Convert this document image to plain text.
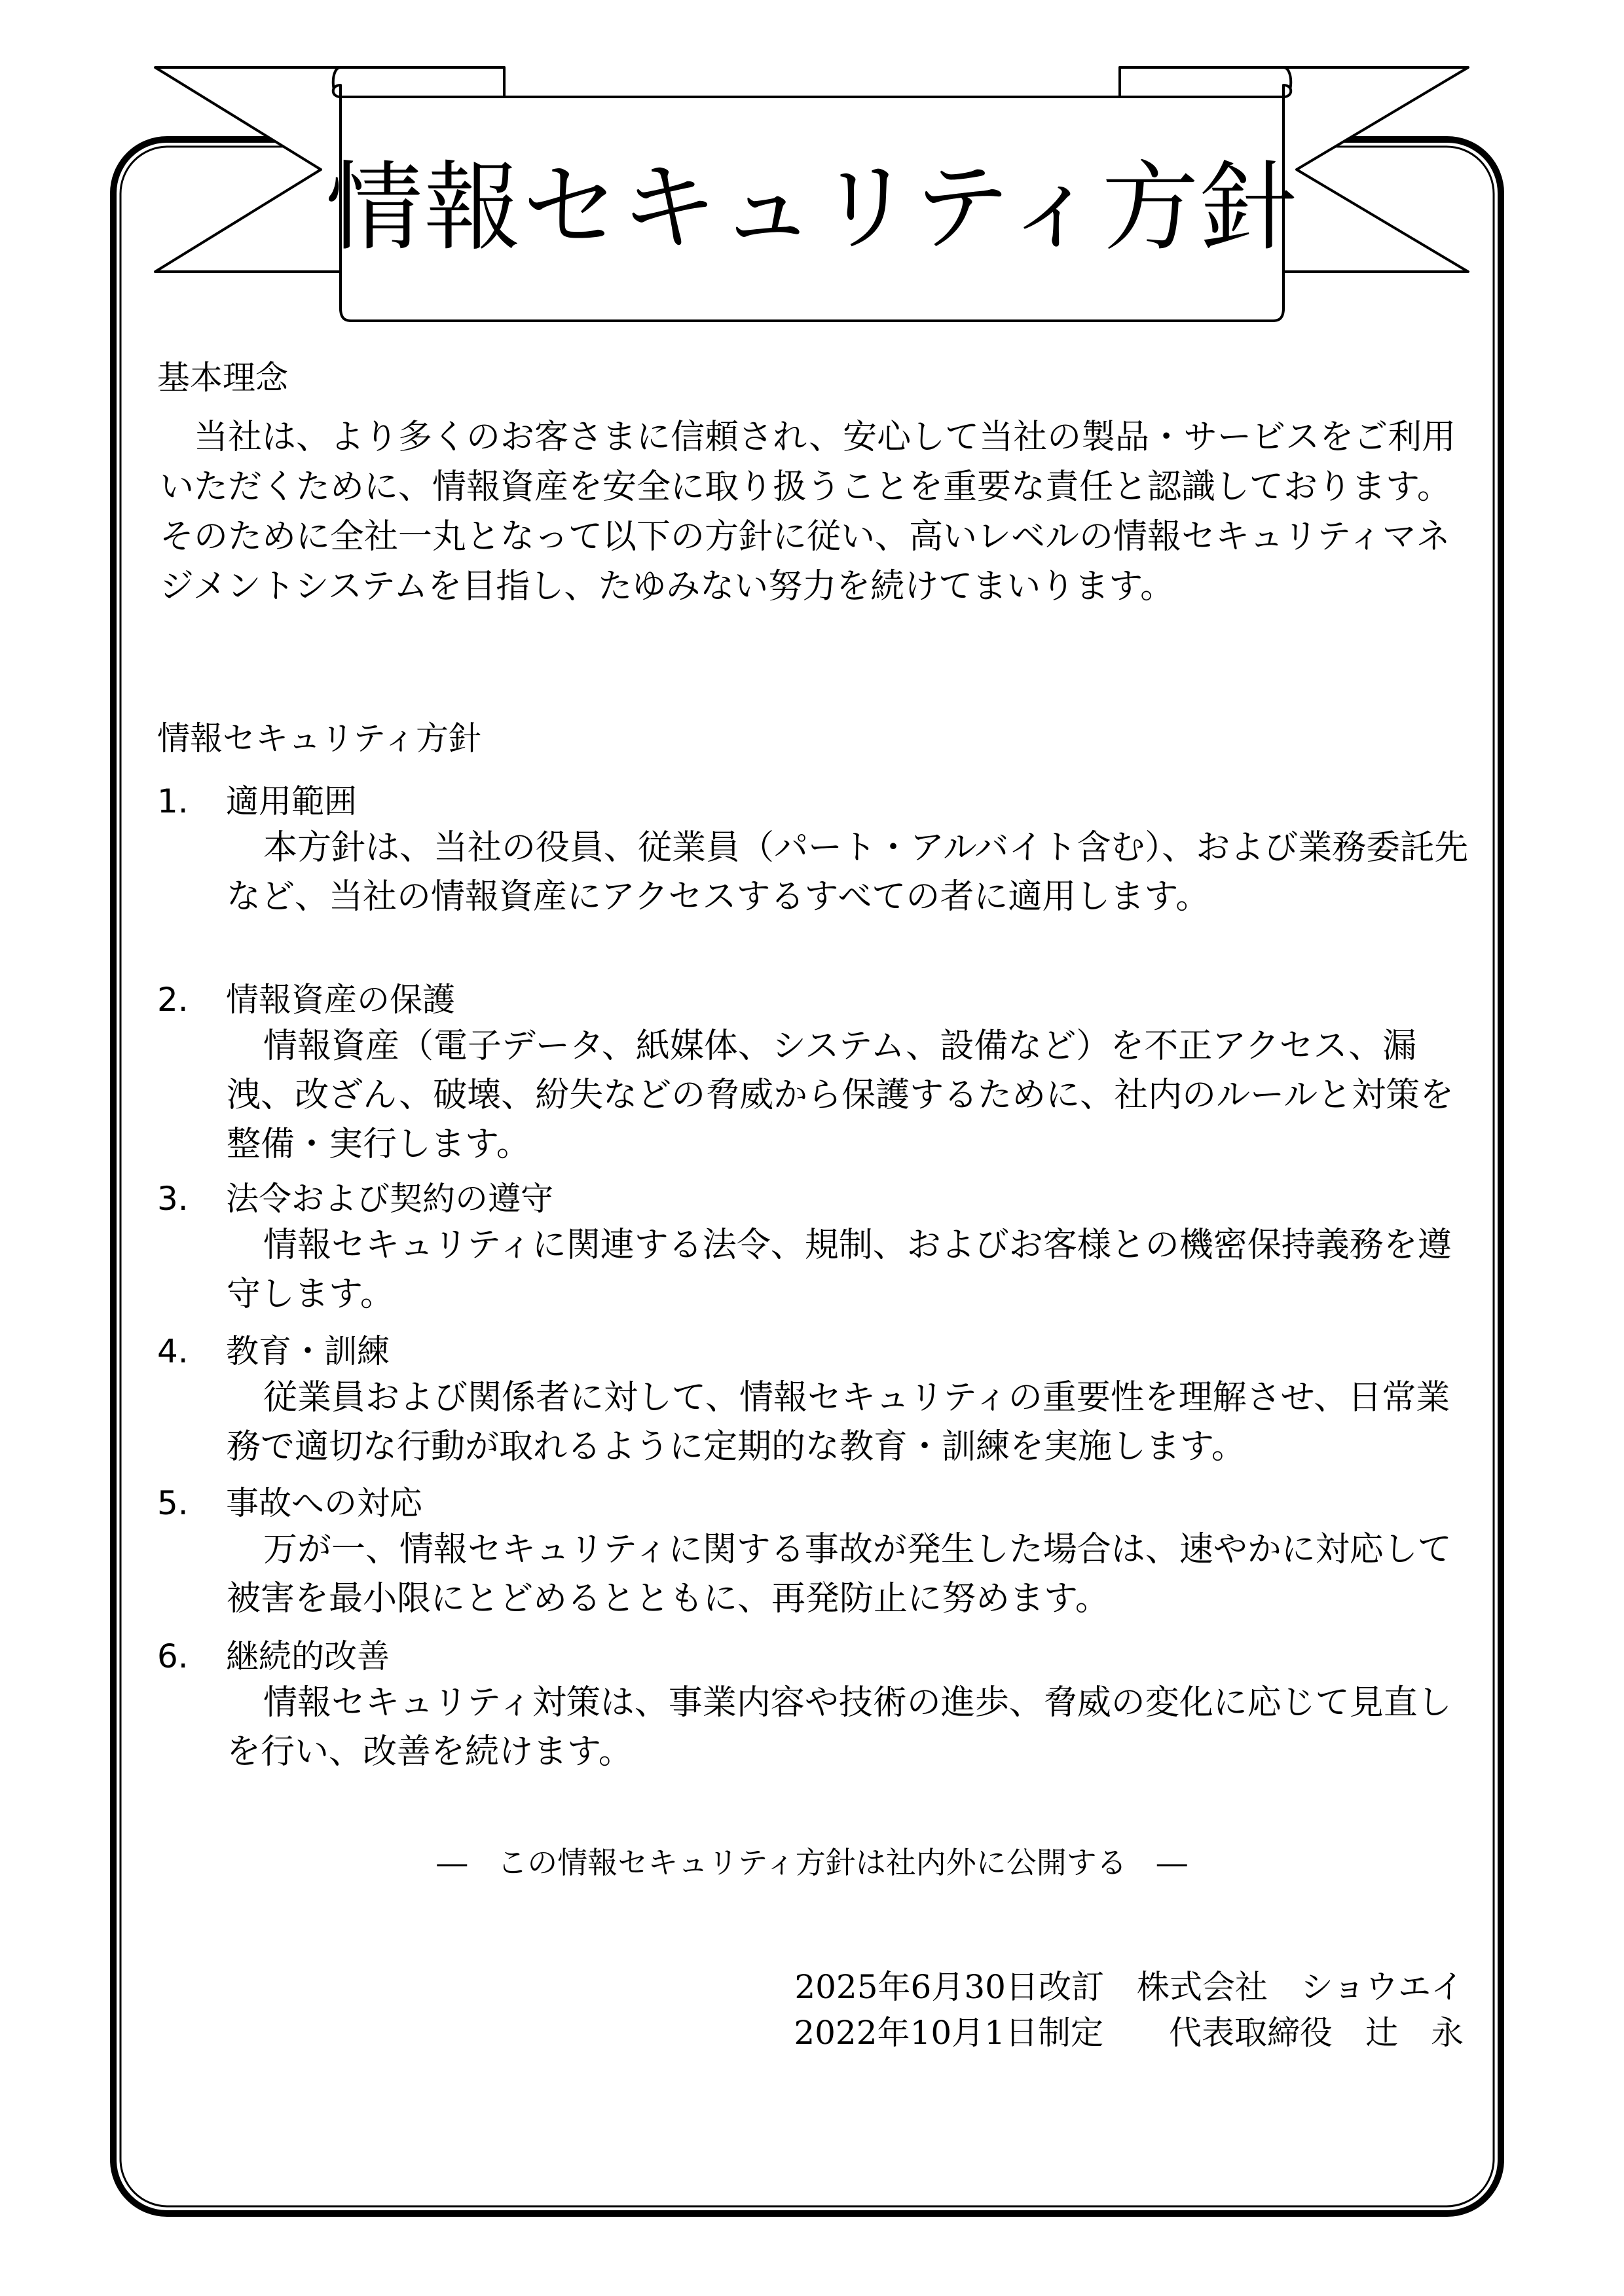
情報セキュリティ方針
基本理念

当社は、より多くのお客さまに信頼され、安心して当社の製品・サービスをご利用いただくために、情報資産を安全に取り扱うことを重要な責任と認識しております。そのために全社一丸となって以下の方針に従い、高いレベルの情報セキュリティマネジメントシステムを目指し、たゆみない努力を続けてまいります。

情報セキュリティ方針
1. 適用範囲

本方針は、当社の役員、従業員（パート・アルバイト含む）、および業務委託先など、当社の情報資産にアクセスするすべての者に適用します。

2. 情報資産の保護

情報資産（電子データ、紙媒体、システム、設備など）を不正アクセス、漏洩、改ざん、破壊、紛失などの脅威から保護するために、社内のルールと対策を整備・実行します。

3. 法令および契約の遵守

情報セキュリティに関連する法令、規制、およびお客様との機密保持義務を遵守します。

4. 教育・訓練

従業員および関係者に対して、情報セキュリティの重要性を理解させ、日常業務で適切な行動が取れるように定期的な教育・訓練を実施します。

5. 事故への対応

万が一、情報セキュリティに関する事故が発生した場合は、速やかに対応して被害を最小限にとどめるとともに、再発防止に努めます。

6. 継続的改善

情報セキュリティ対策は、事業内容や技術の進歩、脅威の変化に応じて見直しを行い、改善を続けます。

―　この情報セキュリティ方針は社内外に公開する　―
2025年6月30日改訂　株式会社　ショウエイ
2022年10月1日制定　　代表取締役　辻　永
